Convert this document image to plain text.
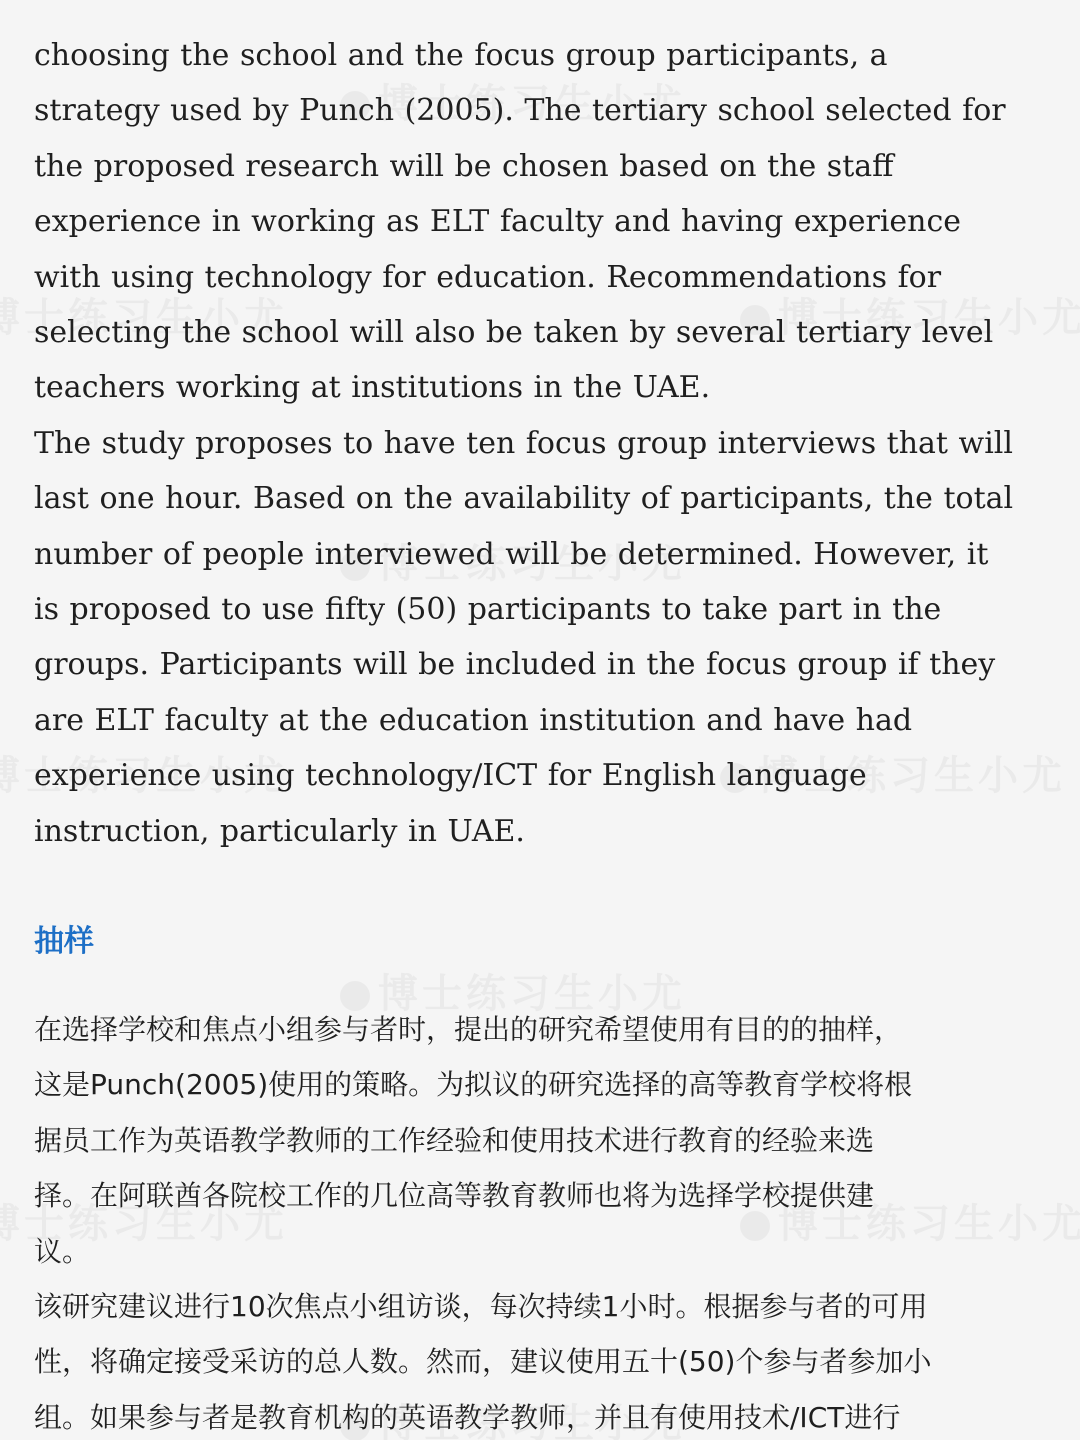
choosing the school and the focus group participants, a
strategy used by Punch (2005). The tertiary school selected for
the proposed research will be chosen based on the staff
experience in working as ELT faculty and having experience
with using technology for education. Recommendations for
selecting the school will also be taken by several tertiary level
teachers working at institutions in the UAE.

The study proposes to have ten focus group interviews that will
last one hour. Based on the availability of participants, the total
number of people interviewed will be determined. However, it
is proposed to use fifty (50) participants to take part in the
groups. Participants will be included in the focus group if they
are ELT faculty at the education institution and have had
experience using technology/ICT for English language
instruction, particularly in UAE.

抽样

在选择学校和焦点小组参与者时，提出的研究希望使用有目的的抽样，
这是Punch(2005)使用的策略。为拟议的研究选择的高等教育学校将根
据员工作为英语教学教师的工作经验和使用技术进行教育的经验来选
择。在阿联酋各院校工作的几位高等教育教师也将为选择学校提供建
议。

该研究建议进行10次焦点小组访谈，每次持续1小时。根据参与者的可用
性，将确定接受采访的总人数。然而，建议使用五十(50)个参与者参加小
组。如果参与者是教育机构的英语教学教师，并且有使用技术/ICT进行
